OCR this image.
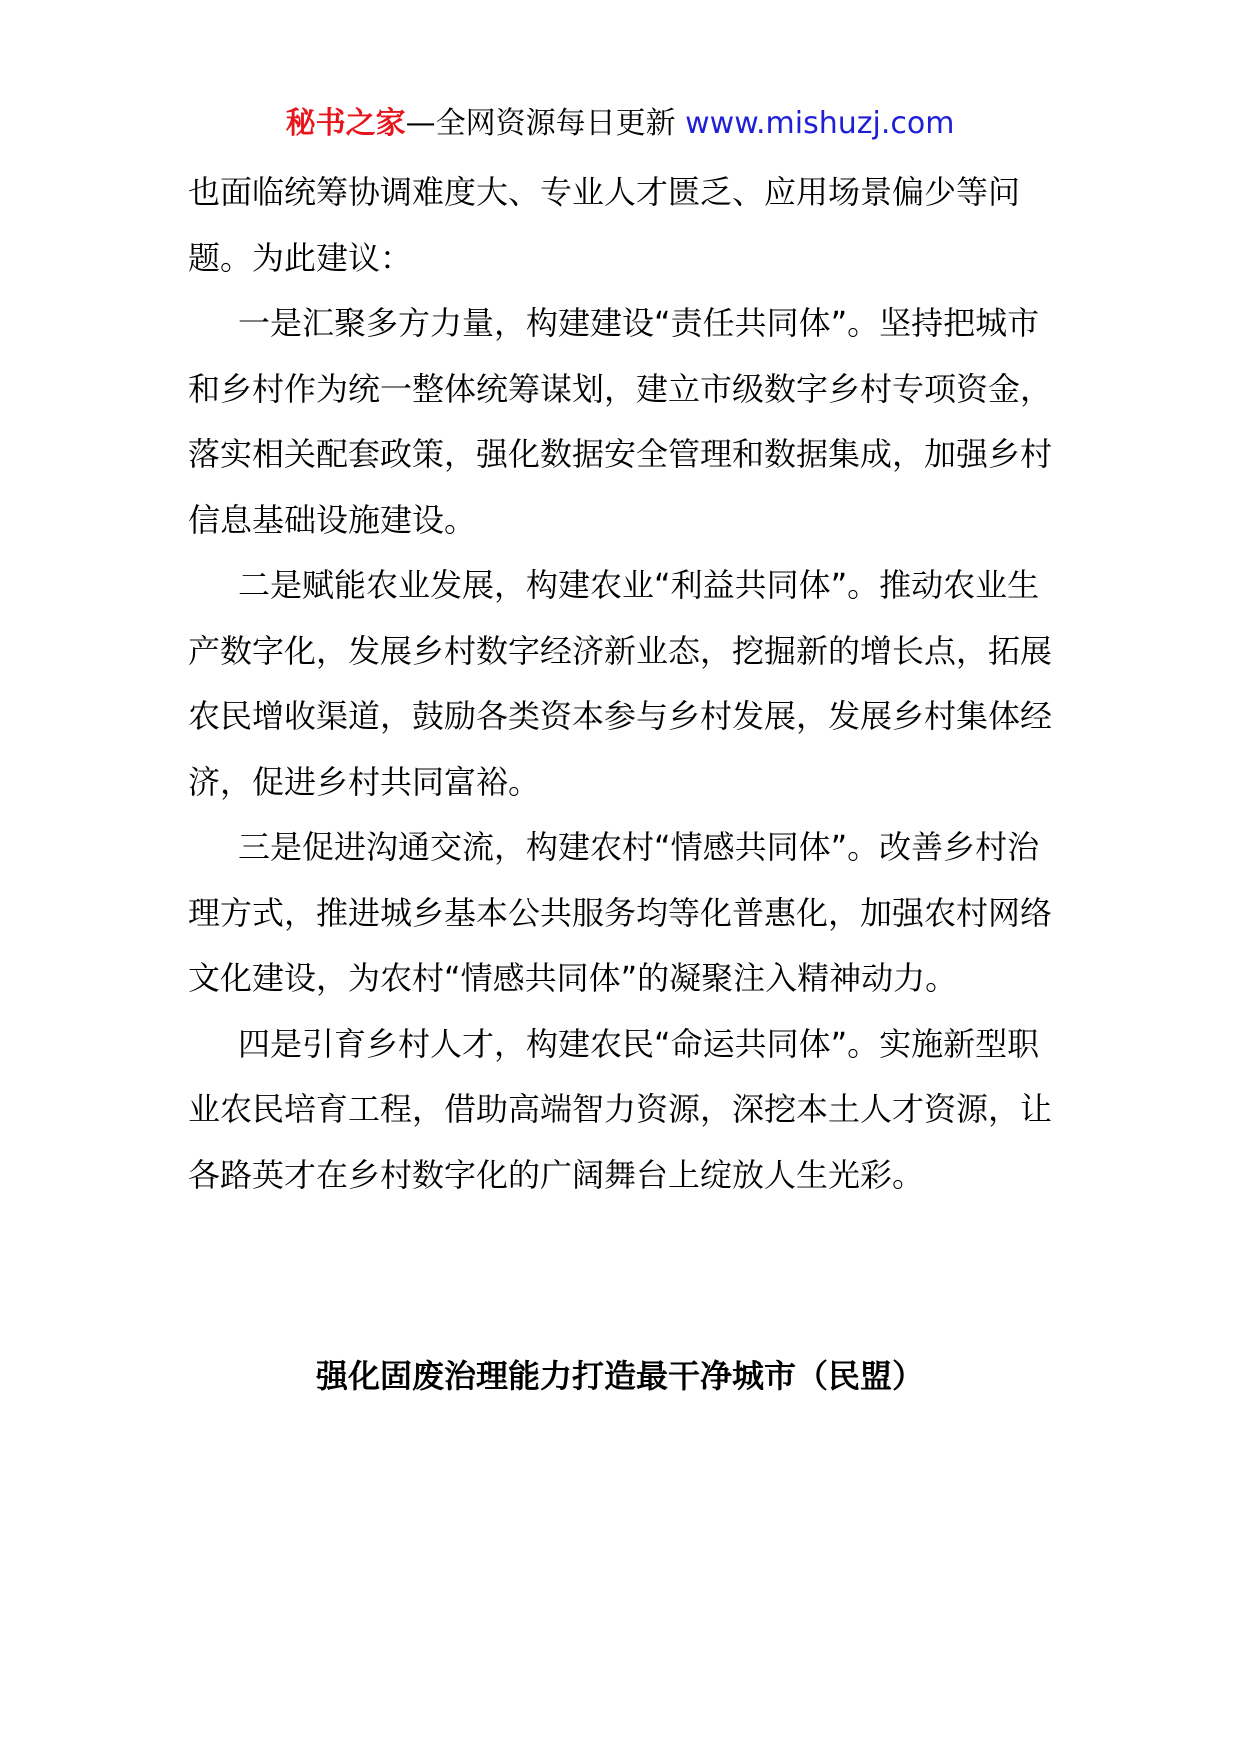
秘书之家—全网资源每日更新 www.mishuzj.com

也面临统筹协调难度大、专业人才匮乏、应用场景偏少等问题。为此建议：

一是汇聚多方力量，构建建设“责任共同体”。坚持把城市和乡村作为统一整体统筹谋划，建立市级数字乡村专项资金，落实相关配套政策，强化数据安全管理和数据集成，加强乡村信息基础设施建设。

二是赋能农业发展，构建农业“利益共同体”。推动农业生产数字化，发展乡村数字经济新业态，挖掘新的增长点，拓展农民增收渠道，鼓励各类资本参与乡村发展，发展乡村集体经济，促进乡村共同富裕。

三是促进沟通交流，构建农村“情感共同体”。改善乡村治理方式，推进城乡基本公共服务均等化普惠化，加强农村网络文化建设，为农村“情感共同体”的凝聚注入精神动力。

四是引育乡村人才，构建农民“命运共同体”。实施新型职业农民培育工程，借助高端智力资源，深挖本土人才资源，让各路英才在乡村数字化的广阔舞台上绽放人生光彩。

强化固废治理能力打造最干净城市（民盟）
